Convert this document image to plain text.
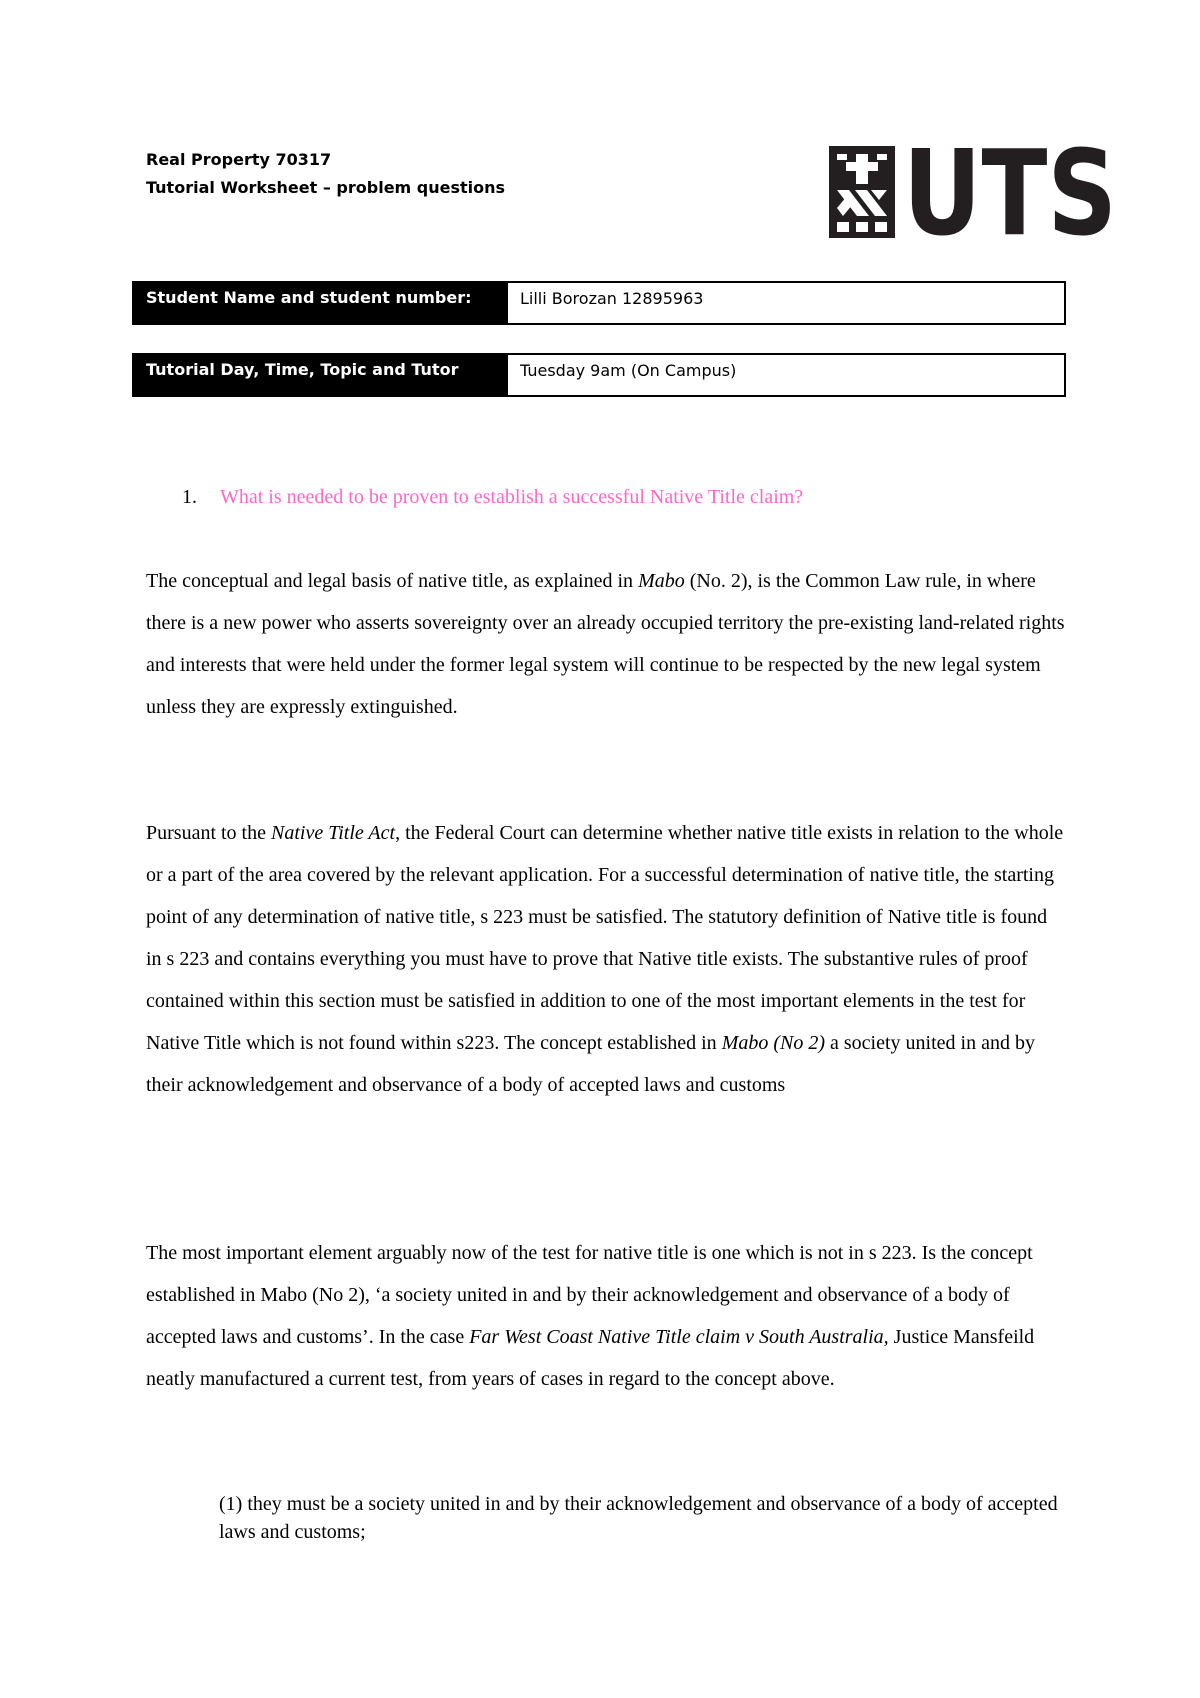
Real Property 70317
Tutorial Worksheet – problem questions	UTS
Student Name and student number:	Lilli Borozan 12895963
Tutorial Day, Time, Topic and Tutor	Tuesday 9am (On Campus)
1. What is needed to be proven to establish a successful Native Title claim?

The conceptual and legal basis of native title, as explained in Mabo (No. 2), is the Common Law rule, in where there is a new power who asserts sovereignty over an already occupied territory the pre-existing land-related rights and interests that were held under the former legal system will continue to be respected by the new legal system unless they are expressly extinguished.

Pursuant to the Native Title Act, the Federal Court can determine whether native title exists in relation to the whole or a part of the area covered by the relevant application. For a successful determination of native title, the starting point of any determination of native title, s 223 must be satisfied. The statutory definition of Native title is found in s 223 and contains everything you must have to prove that Native title exists. The substantive rules of proof contained within this section must be satisfied in addition to one of the most important elements in the test for Native Title which is not found within s223. The concept established in Mabo (No 2) a society united in and by their acknowledgement and observance of a body of accepted laws and customs

The most important element arguably now of the test for native title is one which is not in s 223. Is the concept established in Mabo (No 2), ‘a society united in and by their acknowledgement and observance of a body of accepted laws and customs’. In the case Far West Coast Native Title claim v South Australia, Justice Mansfeild neatly manufactured a current test, from years of cases in regard to the concept above.

(1) they must be a society united in and by their acknowledgement and observance of a body of accepted laws and customs;
